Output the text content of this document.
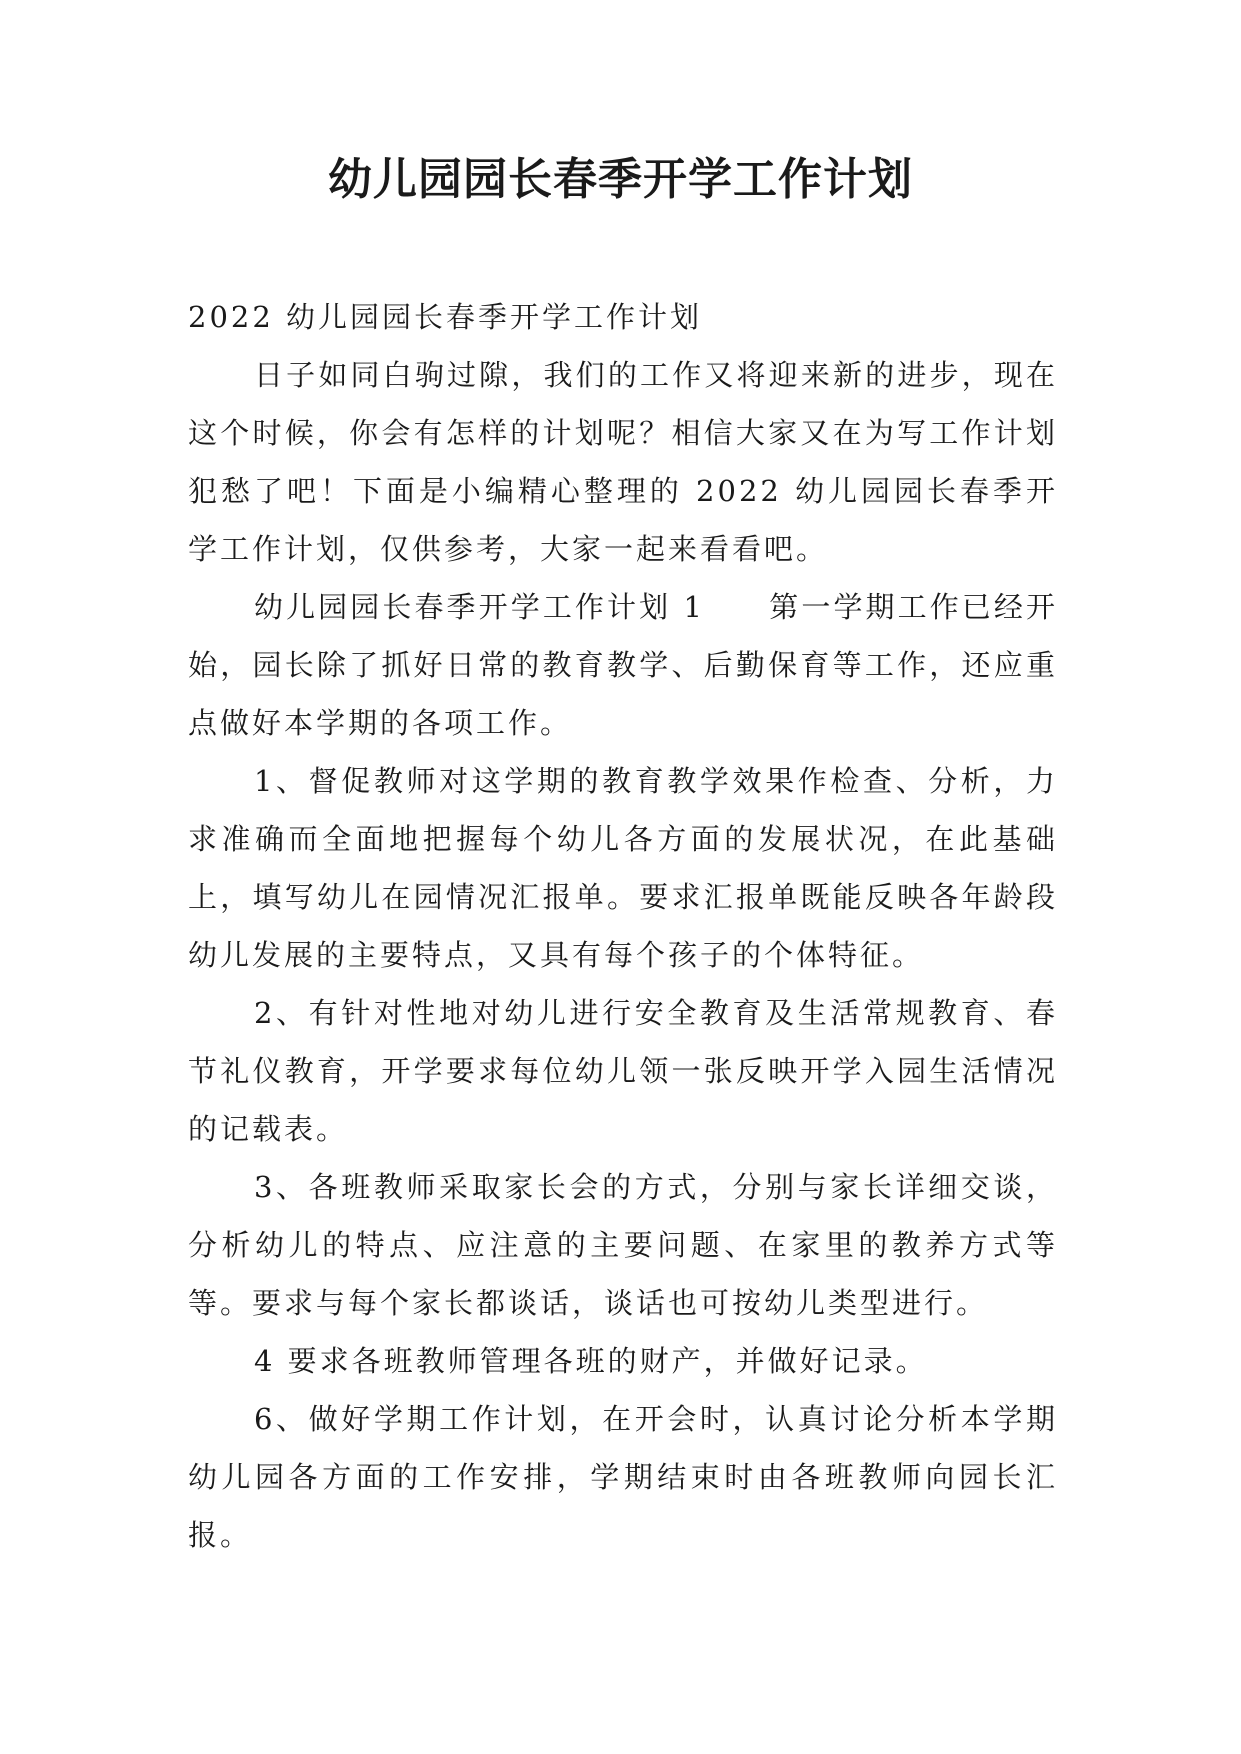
幼儿园园长春季开学工作计划

2022 幼儿园园长春季开学工作计划

日子如同白驹过隙，我们的工作又将迎来新的进步，现在这个时候，你会有怎样的计划呢？相信大家又在为写工作计划犯愁了吧！下面是小编精心整理的 2022 幼儿园园长春季开学工作计划，仅供参考，大家一起来看看吧。

幼儿园园长春季开学工作计划 1　　第一学期工作已经开始，园长除了抓好日常的教育教学、后勤保育等工作，还应重点做好本学期的各项工作。

1、督促教师对这学期的教育教学效果作检查、分析，力求准确而全面地把握每个幼儿各方面的发展状况，在此基础上，填写幼儿在园情况汇报单。要求汇报单既能反映各年龄段幼儿发展的主要特点，又具有每个孩子的个体特征。

2、有针对性地对幼儿进行安全教育及生活常规教育、春节礼仪教育，开学要求每位幼儿领一张反映开学入园生活情况的记载表。

3、各班教师采取家长会的方式，分别与家长详细交谈，分析幼儿的特点、应注意的主要问题、在家里的教养方式等等。要求与每个家长都谈话，谈话也可按幼儿类型进行。

4 要求各班教师管理各班的财产，并做好记录。

6、做好学期工作计划，在开会时，认真讨论分析本学期幼儿园各方面的工作安排，学期结束时由各班教师向园长汇报。
